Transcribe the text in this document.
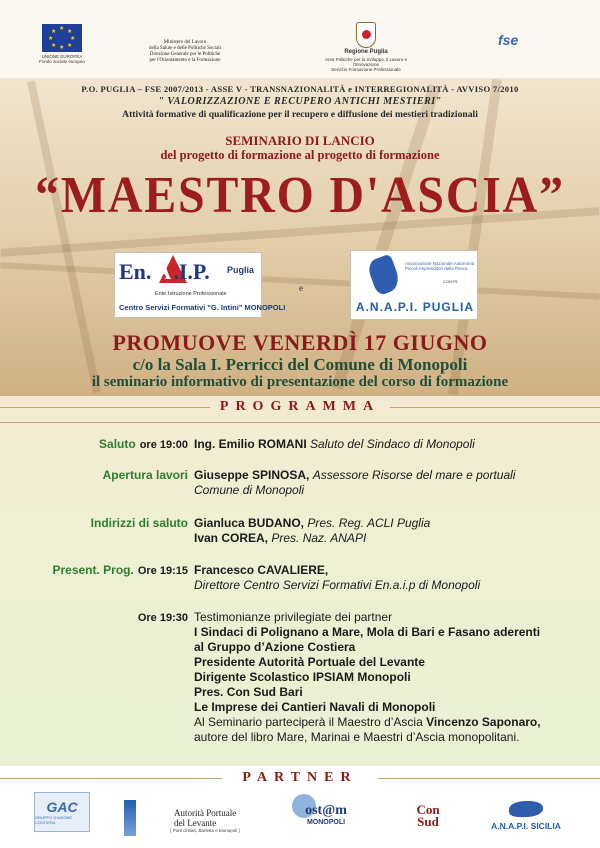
★ ★
★
★
★
★
★
★
UNIONE EUROPEA
Fondo sociale europeo
Ministero del Lavoro
della Salute e delle Politiche Sociali
Direzione Generale per le Politiche
per l'Orientamento e la Formazione
Regione Puglia
Area Politiche per lo Sviluppo, il Lavoro e l'Innovazione
Servizio Formazione Professionale
fse
P.O. PUGLIA – FSE 2007/2013 - ASSE V - TRANSNAZIONALITÀ e INTERREGIONALITÀ - AVVISO 7/2010
" VALORIZZAZIONE E RECUPERO ANTICHI MESTIERI"
Attività formative di qualificazione per il recupero e diffusione dei mestieri tradizionali
SEMINARIO DI LANCIO
del progetto di formazione al progetto di formazione
“MAESTRO D'ASCIA”
En. A.I.P. Puglia
Ente Istruzione Professionale
Centro Servizi Formativi "G. Intini" MONOPOLI
e
Associazione Nazionale Autonoma Piccoli Imprenditori della Pesca
CONTR
A.N.A.P.I. PUGLIA
PROMUOVE VENERDÌ 17 GIUGNO
c/o la Sala I. Perricci del Comune di Monopoli
il seminario informativo di presentazione del corso di formazione
PROGRAMMA
Saluto ore 19:00 Ing. Emilio ROMANI Saluto del Sindaco di Monopoli
Apertura lavori Giuseppe SPINOSA, Assessore Risorse del mare e portuali
Comune di Monopoli
Indirizzi di saluto Gianluca BUDANO, Pres. Reg. ACLI Puglia
Ivan COREA, Pres. Naz. ANAPI
Present. Prog. Ore 19:15 Francesco CAVALIERE,
Direttore Centro Servizi Formativi En.a.i.p di Monopoli
Ore 19:30 Testimonianze privilegiate dei partner
I Sindaci di Polignano a Mare, Mola di Bari e Fasano aderenti
al Gruppo d’Azione Costiera
Presidente Autorità Portuale del Levante
Dirigente Scolastico IPSIAM Monopoli
Pres. Con Sud Bari
Le Imprese dei Cantieri Navali di Monopoli
Al Seminario parteciperà il Maestro d’Ascia Vincenzo Saponaro,
autore del libro Mare, Marinai e Maestri d’Ascia monopolitani.
PARTNER
GAC
GRUPPO D'AZIONE COSTIERA
Autorità Portuale
del Levante
( Porti di Bari, Barletta e Monopoli )
ost@m
MONOPOLI
Con
Sud	A.N.A.P.I. SICILIA
